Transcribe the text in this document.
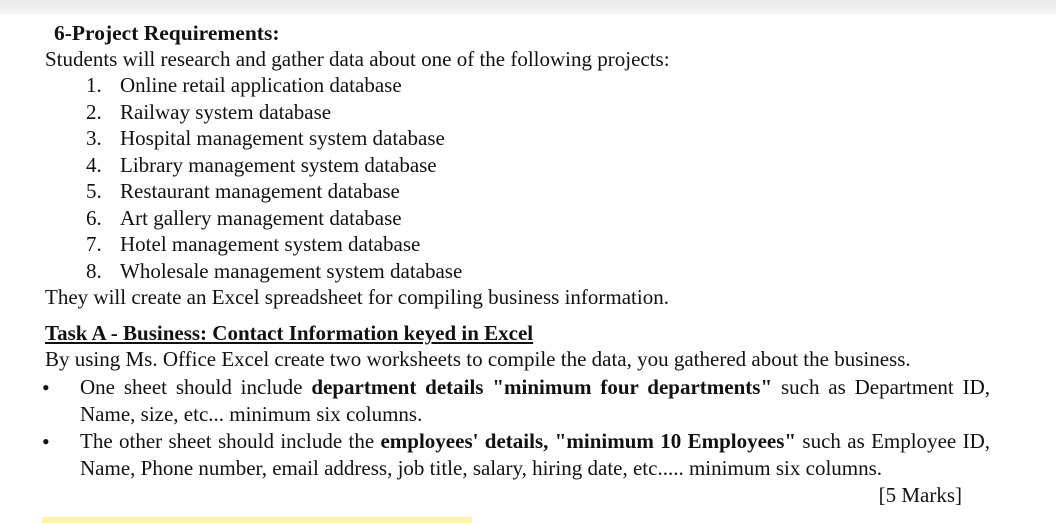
6-Project Requirements:
Students will research and gather data about one of the following projects:
1. Online retail application database
2. Railway system database
3. Hospital management system database
4. Library management system database
5. Restaurant management database
6. Art gallery management database
7. Hotel management system database
8. Wholesale management system database
They will create an Excel spreadsheet for compiling business information.
Task A - Business: Contact Information keyed in Excel
By using Ms. Office Excel create two worksheets to compile the data, you gathered about the business.
• One sheet should include department details "minimum four departments" such as Department ID, Name, size, etc... minimum six columns.
• The other sheet should include the employees' details, "minimum 10 Employees" such as Employee ID, Name, Phone number, email address, job title, salary, hiring date, etc..... minimum six columns.
[5 Marks]
